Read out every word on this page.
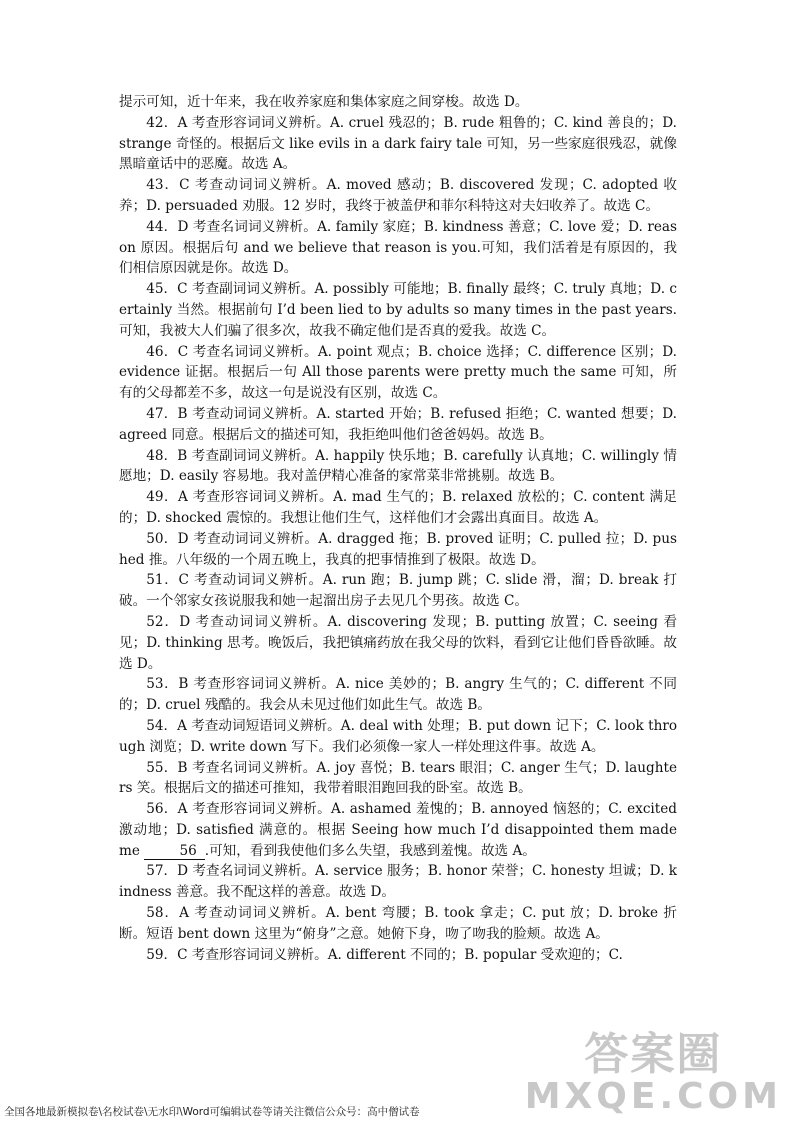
提示可知，近十年来，我在收养家庭和集体家庭之间穿梭。故选 D。

42．A 考查形容词词义辨析。A. cruel 残忍的；B. rude 粗鲁的；C. kind 善良的；D. strange 奇怪的。根据后文 like evils in a dark fairy tale 可知，另一些家庭很残忍，就像黑暗童话中的恶魔。故选 A。

43．C 考查动词词义辨析。A. moved 感动；B. discovered 发现；C. adopted 收养；D. persuaded 劝服。12 岁时，我终于被盖伊和菲尔科特这对夫妇收养了。故选 C。

44．D 考查名词词义辨析。A. family 家庭；B. kindness 善意；C. love 爱；D. reason 原因。根据后句 and we believe that reason is you.可知，我们活着是有原因的，我们相信原因就是你。故选 D。

45．C 考查副词词义辨析。A. possibly 可能地；B. finally 最终；C. truly 真地；D. certainly 当然。根据前句 I’d been lied to by adults so many times in the past years.可知，我被大人们骗了很多次，故我不确定他们是否真的爱我。故选 C。

46．C 考查名词词义辨析。A. point 观点；B. choice 选择；C. difference 区别；D. evidence 证据。根据后一句 All those parents were pretty much the same 可知，所有的父母都差不多，故这一句是说没有区别，故选 C。

47．B 考查动词词义辨析。A. started 开始；B. refused 拒绝；C. wanted 想要；D. agreed 同意。根据后文的描述可知，我拒绝叫他们爸爸妈妈。故选 B。

48．B 考查副词词义辨析。A. happily 快乐地；B. carefully 认真地；C. willingly 情愿地；D. easily 容易地。我对盖伊精心准备的家常菜非常挑剔。故选 B。

49．A 考查形容词词义辨析。A. mad 生气的；B. relaxed 放松的；C. content 满足的；D. shocked 震惊的。我想让他们生气，这样他们才会露出真面目。故选 A。

50．D 考查动词词义辨析。A. dragged 拖；B. proved 证明；C. pulled 拉；D. pushed 推。八年级的一个周五晚上，我真的把事情推到了极限。故选 D。

51．C 考查动词词义辨析。A. run 跑；B. jump 跳；C. slide 滑，溜；D. break 打破。一个邻家女孩说服我和她一起溜出房子去见几个男孩。故选 C。

52．D 考查动词词义辨析。A. discovering 发现；B. putting 放置；C. seeing 看见；D. thinking 思考。晚饭后，我把镇痛药放在我父母的饮料，看到它让他们昏昏欲睡。故选 D。

53．B 考查形容词词义辨析。A. nice 美妙的；B. angry 生气的；C. different 不同的；D. cruel 残酷的。我会从未见过他们如此生气。故选 B。

54．A 考查动词短语词义辨析。A. deal with 处理；B. put down 记下；C. look through 浏览；D. write down 写下。我们必须像一家人一样处理这件事。故选 A。

55．B 考查名词词义辨析。A. joy 喜悦；B. tears 眼泪；C. anger 生气；D. laughters 笑。根据后文的描述可推知，我带着眼泪跑回我的卧室。故选 B。

56．A 考查形容词词义辨析。A. ashamed 羞愧的；B. annoyed 恼怒的；C. excited 激动地；D. satisfied 满意的。根据 Seeing how much I’d disappointed them made me	56 .可知，看到我使他们多么失望，我感到羞愧。故选 A。

57．D 考查名词词义辨析。A. service 服务；B. honor 荣誉；C. honesty 坦诚；D. kindness 善意。我不配这样的善意。故选 D。

58．A 考查动词词义辨析。A. bent 弯腰；B. took 拿走；C. put 放；D. broke 折断。短语 bent down 这里为“俯身”之意。她俯下身，吻了吻我的脸颊。故选 A。

59．C 考查形容词词义辨析。A. different 不同的；B. popular 受欢迎的；C.

答案圈
MXQE.COM
全国各地最新模拟卷\名校试卷\无水印\Word可编辑试卷等请关注微信公众号：高中僧试卷
